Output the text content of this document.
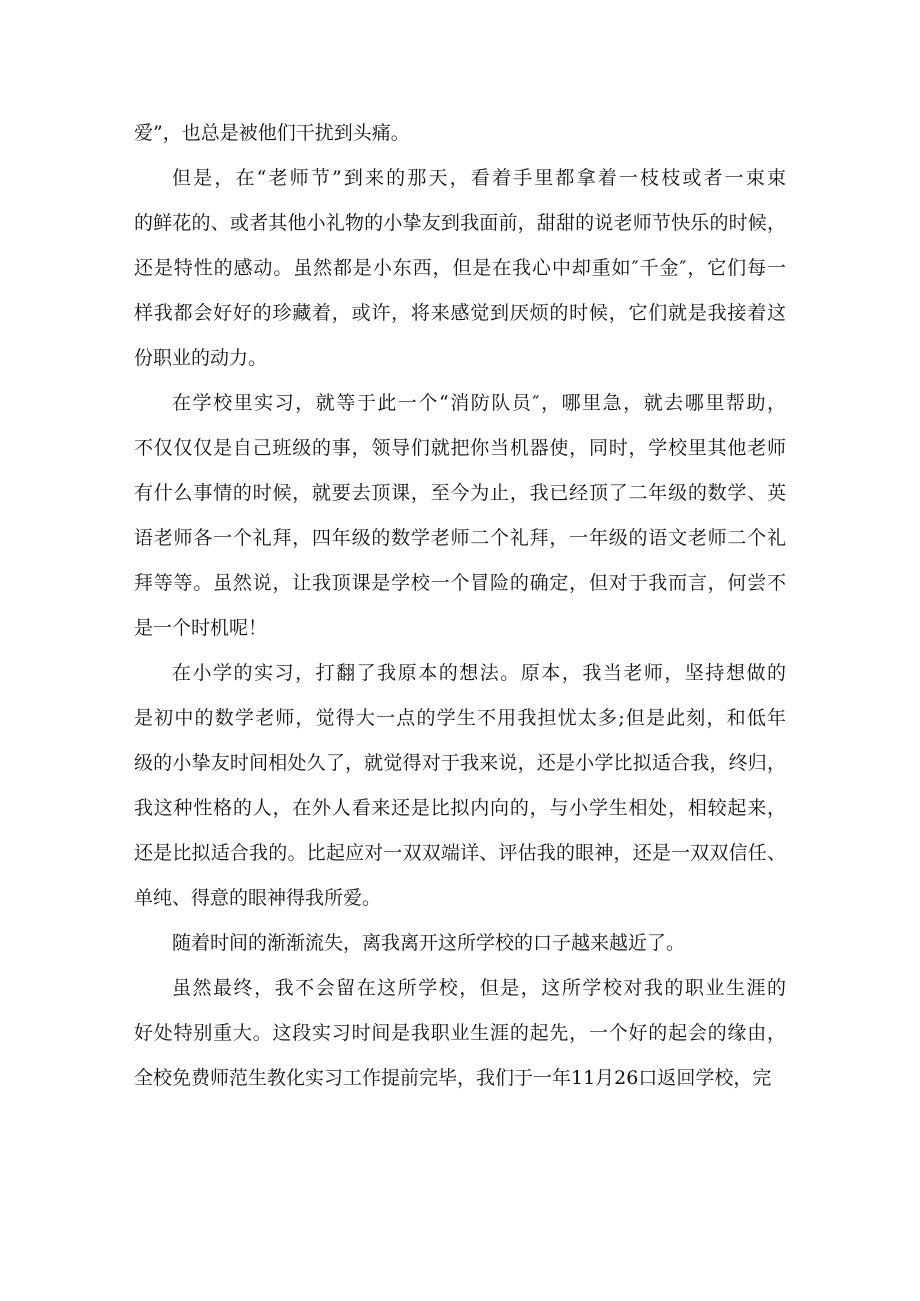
爱”，也总是被他们干扰到头痛。

但是，在“老师节”到来的那天，看着手里都拿着一枝枝或者一束束
的鲜花的、或者其他小礼物的小挚友到我面前，甜甜的说老师节快乐的时候，
还是特性的感动。虽然都是小东西，但是在我心中却重如″千金″，它们每一
样我都会好好的珍藏着，或许，将来感觉到厌烦的时候，它们就是我接着这
份职业的动力。

在学校里实习，就等于此一个“消防队员″，哪里急，就去哪里帮助，
不仅仅仅是自己班级的事，领导们就把你当机器使，同时，学校里其他老师
有什么事情的时候，就要去顶课，至今为止，我已经顶了二年级的数学、英
语老师各一个礼拜，四年级的数学老师二个礼拜，一年级的语文老师二个礼
拜等等。虽然说，让我顶课是学校一个冒险的确定，但对于我而言，何尝不
是一个时机呢！

在小学的实习，打翻了我原本的想法。原本，我当老师，坚持想做的
是初中的数学老师，觉得大一点的学生不用我担忧太多;但是此刻，和低年
级的小挚友时间相处久了，就觉得对于我来说，还是小学比拟适合我，终归，
我这种性格的人，在外人看来还是比拟内向的，与小学生相处，相较起来，
还是比拟适合我的。比起应对一双双端详、评估我的眼神，还是一双双信任、
单纯、得意的眼神得我所爱。

随着时间的渐渐流失，离我离开这所学校的口子越来越近了。

虽然最终，我不会留在这所学校，但是，这所学校对我的职业生涯的
好处特别重大。这段实习时间是我职业生涯的起先，一个好的起会的缘由，
全校免费师范生教化实习工作提前完毕，我们于一年11月26口返回学校，完
